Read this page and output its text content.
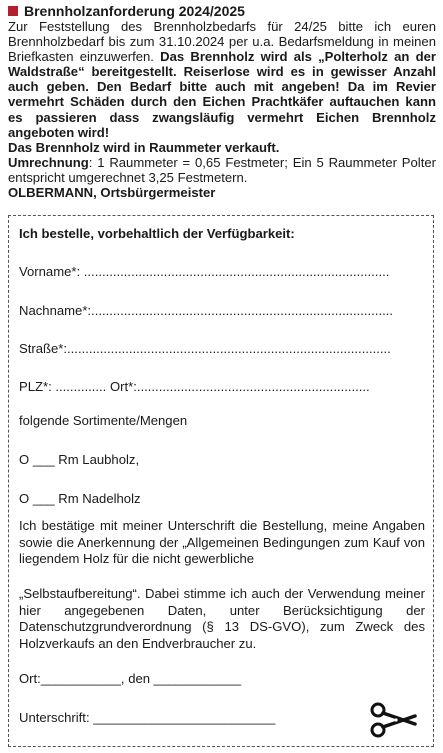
Brennholzanforderung 2024/2025

Zur Feststellung des Brennholzbedarfs für 24/25 bitte ich euren Brennholzbedarf bis zum 31.10.2024 per u.a. Bedarfsmeldung in meinen Briefkasten einzuwerfen. Das Brennholz wird als „Polterholz an der Waldstraße“ bereitgestellt. Reiserlose wird es in gewisser Anzahl auch geben. Den Bedarf bitte auch mit angeben! Da im Revier vermehrt Schäden durch den Eichen Prachtkäfer auftauchen kann es passieren dass zwangsläufig vermehrt Eichen Brennholz angeboten wird!

Das Brennholz wird in Raummeter verkauft.

Umrechnung: 1 Raummeter = 0,65 Festmeter; Ein 5 Raummeter Polter entspricht umgerechnet 3,25 Festmetern.

OLBERMANN, Ortsbürgermeister
Ich bestelle, vorbehaltlich der Verfügbarkeit:
Vorname*: ....................................................................................
Nachname*:...................................................................................
Straße*:.........................................................................................
PLZ*: .............. Ort*:................................................................
folgende Sortimente/Mengen
O ___ Rm Laubholz,
O ___ Rm Nadelholz
Ich bestätige mit meiner Unterschrift die Bestellung, meine Angaben sowie die Anerkennung der „Allgemeinen Bedingungen zum Kauf von liegendem Holz für die nicht gewerbliche
„Selbstaufbereitung“. Dabei stimme ich auch der Verwendung meiner hier angegebenen Daten, unter Berücksichtigung der Datenschutzgrundverordnung (§ 13 DS-GVO), zum Zweck des Holzverkaufs an den Endverbraucher zu.
Ort:___________, den ____________
Unterschrift: _________________________
